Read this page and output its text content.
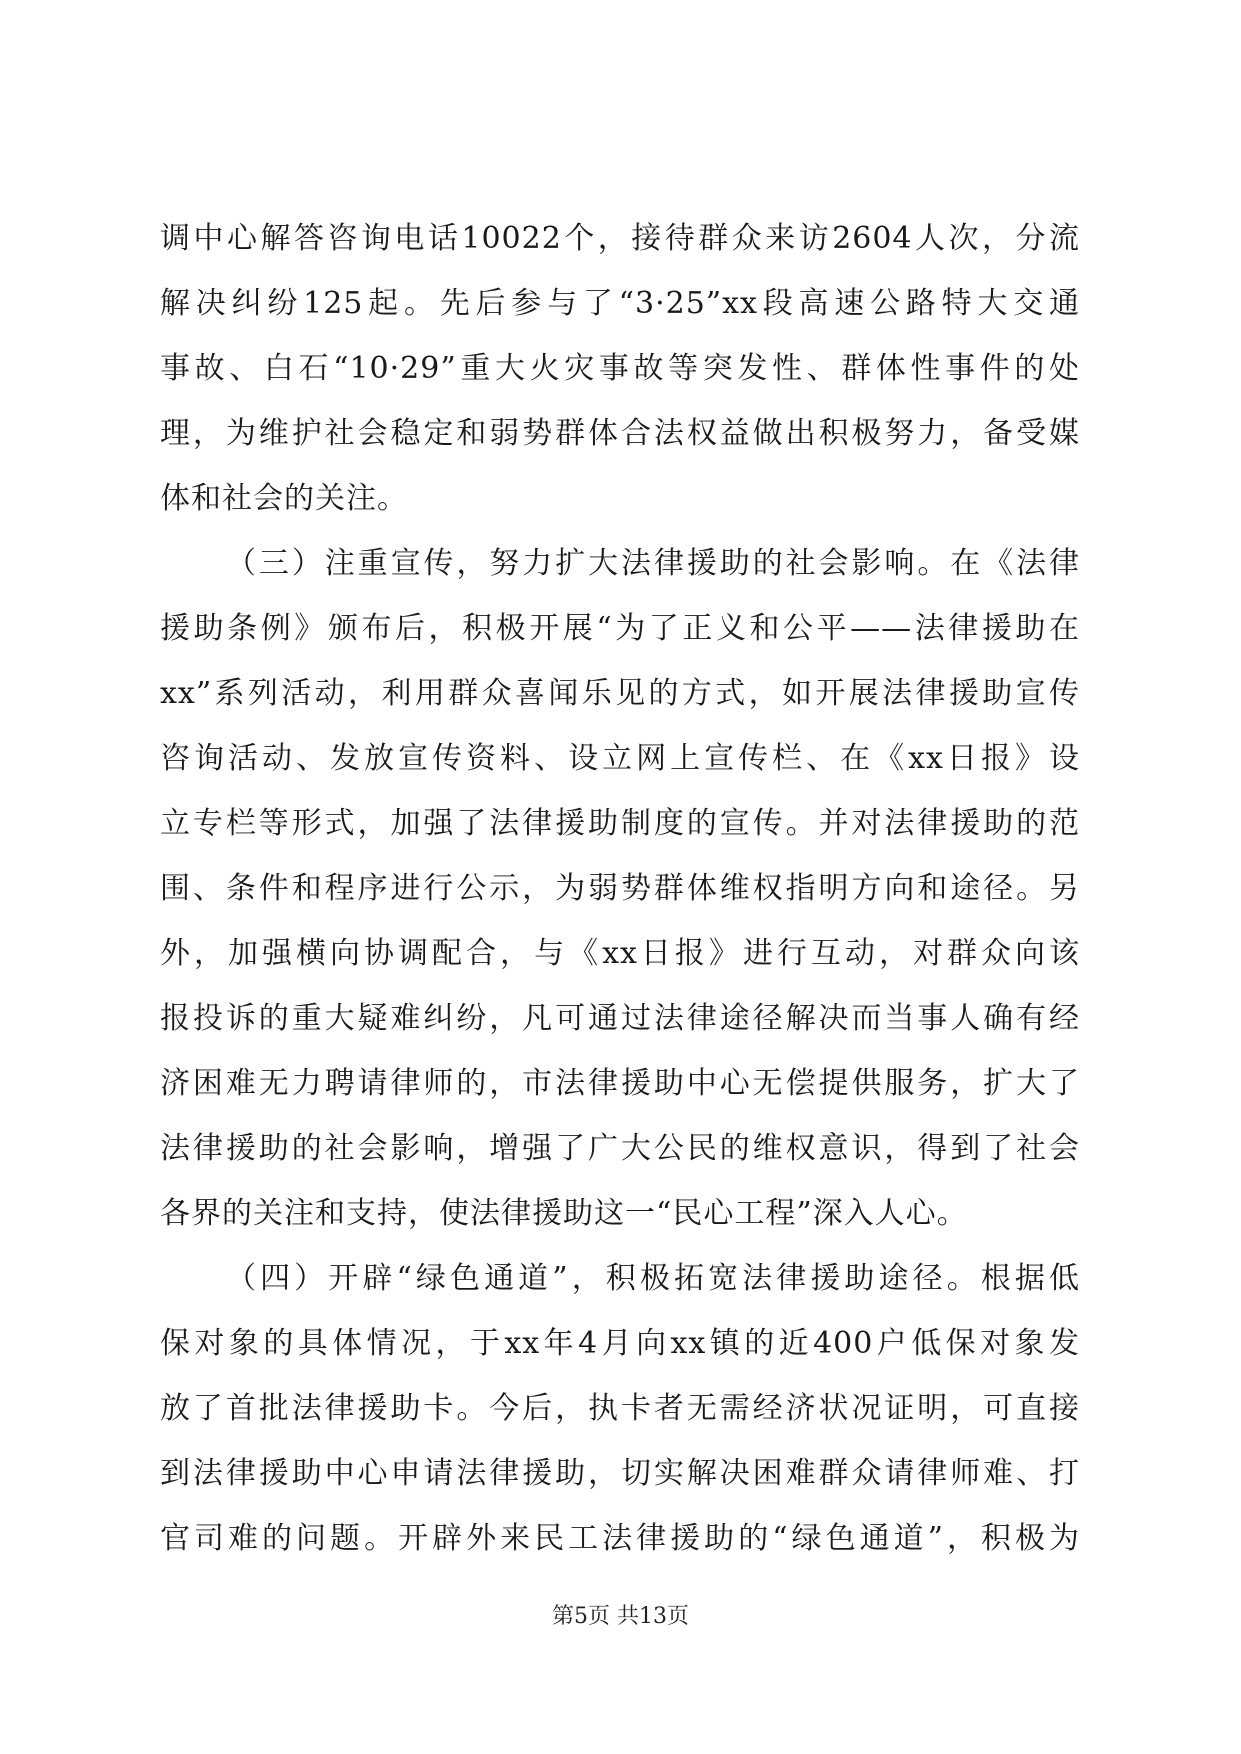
调中心解答咨询电话10022个，接待群众来访2604人次，分流
解决纠纷125起。先后参与了“3·25”xx段高速公路特大交通
事故、白石“10·29”重大火灾事故等突发性、群体性事件的处
理，为维护社会稳定和弱势群体合法权益做出积极努力，备受媒
体和社会的关注。
（三）注重宣传，努力扩大法律援助的社会影响。在《法律
援助条例》颁布后，积极开展“为了正义和公平——法律援助在
xx”系列活动，利用群众喜闻乐见的方式，如开展法律援助宣传
咨询活动、发放宣传资料、设立网上宣传栏、在《xx日报》设
立专栏等形式，加强了法律援助制度的宣传。并对法律援助的范
围、条件和程序进行公示，为弱势群体维权指明方向和途径。另
外，加强横向协调配合，与《xx日报》进行互动，对群众向该
报投诉的重大疑难纠纷，凡可通过法律途径解决而当事人确有经
济困难无力聘请律师的，市法律援助中心无偿提供服务，扩大了
法律援助的社会影响，增强了广大公民的维权意识，得到了社会
各界的关注和支持，使法律援助这一“民心工程”深入人心。
（四）开辟“绿色通道”，积极拓宽法律援助途径。根据低
保对象的具体情况，于xx年4月向xx镇的近400户低保对象发
放了首批法律援助卡。今后，执卡者无需经济状况证明，可直接
到法律援助中心申请法律援助，切实解决困难群众请律师难、打
官司难的问题。开辟外来民工法律援助的“绿色通道”，积极为
第5页 共13页
